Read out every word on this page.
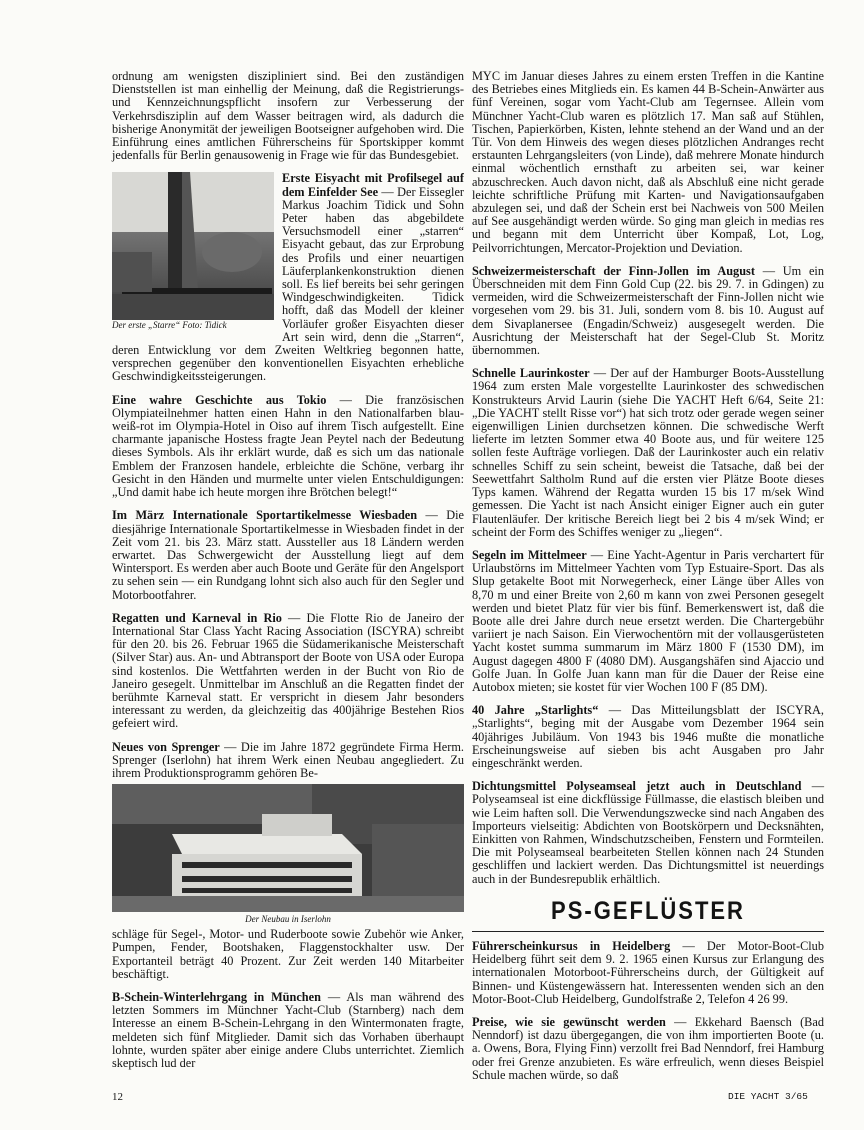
ordnung am wenigsten diszipliniert sind. Bei den zuständigen Dienststellen ist man einhellig der Meinung, daß die Registrierungs- und Kennzeichnungspflicht insofern zur Verbesserung der Verkehrsdisziplin auf dem Wasser beitragen wird, als dadurch die bisherige Anonymität der jeweiligen Bootseigner aufgehoben wird. Die Einführung eines amtlichen Führerscheins für Sportskipper kommt jedenfalls für Berlin genausowenig in Frage wie für das Bundesgebiet.

Der erste „Starre“ Foto: Tidick

Erste Eisyacht mit Profilsegel auf dem Einfelder See — Der Eissegler Markus Joachim Tidick und Sohn Peter haben das abgebildete Versuchsmodell einer „starren“ Eisyacht gebaut, das zur Erprobung des Profils und einer neuartigen Läuferplankenkonstruktion dienen soll. Es lief bereits bei sehr geringen Windgeschwindigkeiten. Tidick hofft, daß das Modell der kleiner Vorläufer großer Eisyachten dieser Art sein wird, denn die „Starren“, deren Entwicklung vor dem Zweiten Weltkrieg begonnen hatte, versprechen gegenüber den konventionellen Eisyachten erhebliche Geschwindigkeitssteigerungen.

Eine wahre Geschichte aus Tokio — Die französischen Olympiateilnehmer hatten einen Hahn in den Nationalfarben blau-weiß-rot im Olympia-Hotel in Oiso auf ihrem Tisch aufgestellt. Eine charmante japanische Hostess fragte Jean Peytel nach der Bedeutung dieses Symbols. Als ihr erklärt wurde, daß es sich um das nationale Emblem der Franzosen handele, erbleichte die Schöne, verbarg ihr Gesicht in den Händen und murmelte unter vielen Entschuldigungen: „Und damit habe ich heute morgen ihre Brötchen belegt!“

Im März Internationale Sportartikelmesse Wiesbaden — Die diesjährige Internationale Sportartikelmesse in Wiesbaden findet in der Zeit vom 21. bis 23. März statt. Aussteller aus 18 Ländern werden erwartet. Das Schwergewicht der Ausstellung liegt auf dem Wintersport. Es werden aber auch Boote und Geräte für den Angelsport zu sehen sein — ein Rundgang lohnt sich also auch für den Segler und Motorbootfahrer.

Regatten und Karneval in Rio — Die Flotte Rio de Janeiro der International Star Class Yacht Racing Association (ISCYRA) schreibt für den 20. bis 26. Februar 1965 die Südamerikanische Meisterschaft (Silver Star) aus. An- und Abtransport der Boote von USA oder Europa sind kostenlos. Die Wettfahrten werden in der Bucht von Rio de Janeiro gesegelt. Unmittelbar im Anschluß an die Regatten findet der berühmte Karneval statt. Er verspricht in diesem Jahr besonders interessant zu werden, da gleichzeitig das 400jährige Bestehen Rios gefeiert wird.

Neues von Sprenger — Die im Jahre 1872 gegründete Firma Herm. Sprenger (Iserlohn) hat ihrem Werk einen Neubau angegliedert. Zu ihrem Produktionsprogramm gehören Be-

Der Neubau in Iserlohn

schläge für Segel-, Motor- und Ruderboote sowie Zubehör wie Anker, Pumpen, Fender, Bootshaken, Flaggenstockhalter usw. Der Exportanteil beträgt 40 Prozent. Zur Zeit werden 140 Mitarbeiter beschäftigt.

B-Schein-Winterlehrgang in München — Als man während des letzten Sommers im Münchner Yacht-Club (Starnberg) nach dem Interesse an einem B-Schein-Lehrgang in den Wintermonaten fragte, meldeten sich fünf Mitglieder. Damit sich das Vorhaben überhaupt lohnte, wurden später aber einige andere Clubs unterrichtet. Ziemlich skeptisch lud der

MYC im Januar dieses Jahres zu einem ersten Treffen in die Kantine des Betriebes eines Mitglieds ein. Es kamen 44 B-Schein-Anwärter aus fünf Vereinen, sogar vom Yacht-Club am Tegernsee. Allein vom Münchner Yacht-Club waren es plötzlich 17. Man saß auf Stühlen, Tischen, Papierkörben, Kisten, lehnte stehend an der Wand und an der Tür. Von dem Hinweis des wegen dieses plötzlichen Andranges recht erstaunten Lehrgangsleiters (von Linde), daß mehrere Monate hindurch einmal wöchentlich ernsthaft zu arbeiten sei, war keiner abzuschrecken. Auch davon nicht, daß als Abschluß eine nicht gerade leichte schriftliche Prüfung mit Karten- und Navigationsaufgaben abzulegen sei, und daß der Schein erst bei Nachweis von 500 Meilen auf See ausgehändigt werden würde. So ging man gleich in medias res und begann mit dem Unterricht über Kompaß, Lot, Log, Peilvorrichtungen, Mercator-Projektion und Deviation.

Schweizermeisterschaft der Finn-Jollen im August — Um ein Überschneiden mit dem Finn Gold Cup (22. bis 29. 7. in Gdingen) zu vermeiden, wird die Schweizermeisterschaft der Finn-Jollen nicht wie vorgesehen vom 29. bis 31. Juli, sondern vom 8. bis 10. August auf dem Sivaplanersee (Engadin/Schweiz) ausgesegelt werden. Die Ausrichtung der Meisterschaft hat der Segel-Club St. Moritz übernommen.

Schnelle Laurinkoster — Der auf der Hamburger Boots-Ausstellung 1964 zum ersten Male vorgestellte Laurinkoster des schwedischen Konstrukteurs Arvid Laurin (siehe Die YACHT Heft 6/64, Seite 21: „Die YACHT stellt Risse vor“) hat sich trotz oder gerade wegen seiner eigenwilligen Linien durchsetzen können. Die schwedische Werft lieferte im letzten Sommer etwa 40 Boote aus, und für weitere 125 sollen feste Aufträge vorliegen. Daß der Laurinkoster auch ein relativ schnelles Schiff zu sein scheint, beweist die Tatsache, daß bei der Seewettfahrt Saltholm Rund auf die ersten vier Plätze Boote dieses Typs kamen. Während der Regatta wurden 15 bis 17 m/sek Wind gemessen. Die Yacht ist nach Ansicht einiger Eigner auch ein guter Flautenläufer. Der kritische Bereich liegt bei 2 bis 4 m/sek Wind; er scheint der Form des Schiffes weniger zu „liegen“.

Segeln im Mittelmeer — Eine Yacht-Agentur in Paris verchartert für Urlaubstörns im Mittelmeer Yachten vom Typ Estuaire-Sport. Das als Slup getakelte Boot mit Norwegerheck, einer Länge über Alles von 8,70 m und einer Breite von 2,60 m kann von zwei Personen gesegelt werden und bietet Platz für vier bis fünf. Bemerkenswert ist, daß die Boote alle drei Jahre durch neue ersetzt werden. Die Chartergebühr variiert je nach Saison. Ein Vierwochentörn mit der vollausgerüsteten Yacht kostet summa summarum im März 1800 F (1530 DM), im August dagegen 4800 F (4080 DM). Ausgangshäfen sind Ajaccio und Golfe Juan. In Golfe Juan kann man für die Dauer der Reise eine Autobox mieten; sie kostet für vier Wochen 100 F (85 DM).

40 Jahre „Starlights“ — Das Mitteilungsblatt der ISCYRA, „Starlights“, beging mit der Ausgabe vom Dezember 1964 sein 40jähriges Jubiläum. Von 1943 bis 1946 mußte die monatliche Erscheinungsweise auf sieben bis acht Ausgaben pro Jahr eingeschränkt werden.

Dichtungsmittel Polyseamseal jetzt auch in Deutschland — Polyseamseal ist eine dickflüssige Füllmasse, die elastisch bleiben und wie Leim haften soll. Die Verwendungszwecke sind nach Angaben des Importeurs vielseitig: Abdichten von Bootskörpern und Decksnähten, Einkitten von Rahmen, Windschutzscheiben, Fenstern und Formteilen. Die mit Polyseamseal bearbeiteten Stellen können nach 24 Stunden geschliffen und lackiert werden. Das Dichtungsmittel ist neuerdings auch in der Bundesrepublik erhältlich.

PS-GEFLÜSTER

Führerscheinkursus in Heidelberg — Der Motor-Boot-Club Heidelberg führt seit dem 9. 2. 1965 einen Kursus zur Erlangung des internationalen Motorboot-Führerscheins durch, der Gültigkeit auf Binnen- und Küstengewässern hat. Interessenten wenden sich an den Motor-Boot-Club Heidelberg, Gundolfstraße 2, Telefon 4 26 99.

Preise, wie sie gewünscht werden — Ekkehard Baensch (Bad Nenndorf) ist dazu übergegangen, die von ihm importierten Boote (u. a. Owens, Bora, Flying Finn) verzollt frei Bad Nenndorf, frei Hamburg oder frei Grenze anzubieten. Es wäre erfreulich, wenn dieses Beispiel Schule machen würde, so daß

12	DIE YACHT 3/65
